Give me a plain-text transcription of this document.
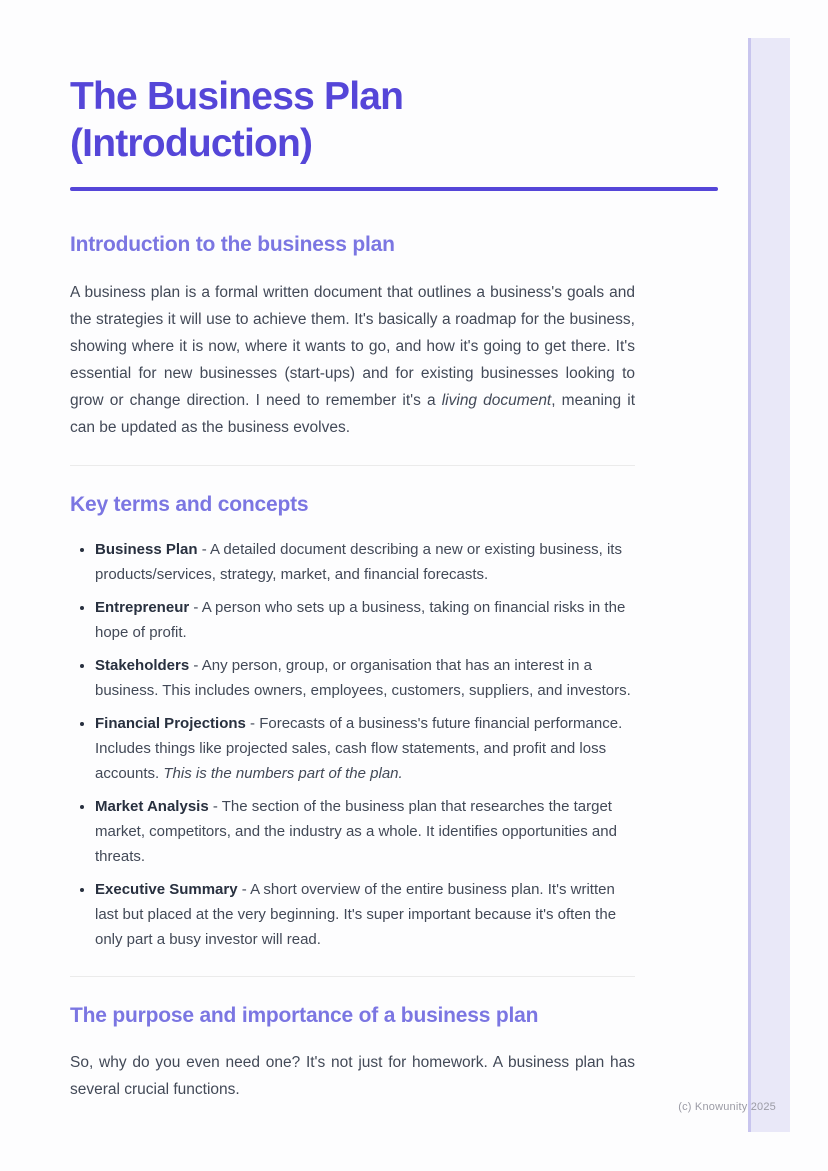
The Business Plan
(Introduction)
Introduction to the business plan

A business plan is a formal written document that outlines a business's goals and the strategies it will use to achieve them. It's basically a roadmap for the business, showing where it is now, where it wants to go, and how it's going to get there. It's essential for new businesses (start-ups) and for existing businesses looking to grow or change direction. I need to remember it's a living document, meaning it can be updated as the business evolves.

Key terms and concepts
• Business Plan - A detailed document describing a new or existing business, its products/services, strategy, market, and financial forecasts.
• Entrepreneur - A person who sets up a business, taking on financial risks in the hope of profit.
• Stakeholders - Any person, group, or organisation that has an interest in a business. This includes owners, employees, customers, suppliers, and investors.
• Financial Projections - Forecasts of a business's future financial performance. Includes things like projected sales, cash flow statements, and profit and loss accounts. This is the numbers part of the plan.
• Market Analysis - The section of the business plan that researches the target market, competitors, and the industry as a whole. It identifies opportunities and threats.
• Executive Summary - A short overview of the entire business plan. It's written last but placed at the very beginning. It's super important because it's often the only part a busy investor will read.
The purpose and importance of a business plan

So, why do you even need one? It's not just for homework. A business plan has several crucial functions.

(c) Knowunity 2025
